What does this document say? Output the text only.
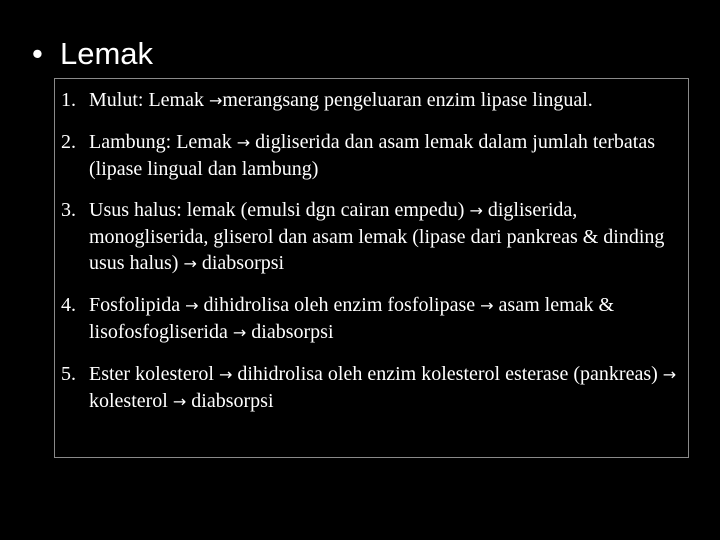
• Lemak
1. Mulut: Lemak →merangsang pengeluaran enzim lipase lingual.
2. Lambung: Lemak → digliserida dan asam lemak dalam jumlah terbatas (lipase lingual dan lambung)
3. Usus halus: lemak (emulsi dgn cairan empedu) → digliserida, monogliserida, gliserol dan asam lemak (lipase dari pankreas & dinding usus halus) → diabsorpsi
4. Fosfolipida → dihidrolisa oleh enzim fosfolipase → asam lemak & lisofosfogliserida → diabsorpsi
5. Ester kolesterol → dihidrolisa oleh enzim kolesterol esterase (pankreas) → kolesterol → diabsorpsi
